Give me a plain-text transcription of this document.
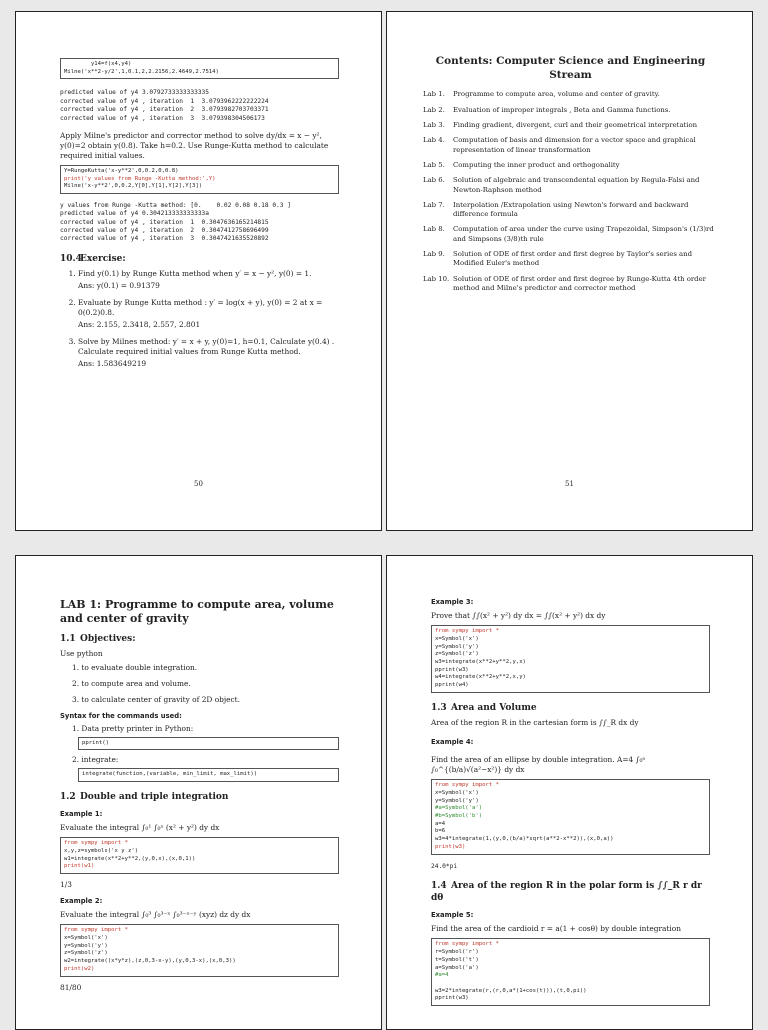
y14=f(x4,y4)
Milne('x**2-y/2',1,0.1,2,2.2156,2.4649,2.7514)
predicted value of y4 3.0792733333333335
corrected value of y4 , iteration  1  3.0793962222222224
corrected value of y4 , iteration  2  3.0793982703703371
corrected value of y4 , iteration  3  3.079398304506173
Apply Milne's predictor and corrector method to solve dy/dx = x − y², y(0)=2 obtain y(0.8). Take h=0.2. Use Runge-Kutta method to calculate required initial values.
Y=RungeKutta('x-y**2',0,0.2,0,0.8)
print('y values from Runge -Kutta method:',Y)
Milne('x-y**2',0,0.2,Y[0],Y[1],Y[2],Y[3])
y values from Runge -Kutta method: [0.    0.02 0.08 0.18 0.3 ]
predicted value of y4 0.304213333333333a
corrected value of y4 , iteration  1  0.3047636165214815
corrected value of y4 , iteration  2  0.3047412758696499
corrected value of y4 , iteration  3  0.3047421635520892
10.4Exercise:
1. Find y(0.1) by Runge Kutta method when y′ = x − y², y(0) = 1.
Ans: y(0.1) = 0.91379
2. Evaluate by Runge Kutta method : y′ = log(x + y), y(0) = 2 at x = 0(0.2)0.8.
Ans: 2.155, 2.3418, 2.557, 2.801
3. Solve by Milnes method: y′ = x + y, y(0)=1, h=0.1, Calculate y(0.4) . Calculate required initial values from Runge Kutta method.
Ans: 1.583649219
50
Contents: Computer Science and Engineering Stream
Lab 1.	Programme to compute area, volume and center of gravity.
Lab 2.	Evaluation of improper integrals , Beta and Gamma functions.
Lab 3.	Finding gradient, divergent, curl and their geometrical interpretation
Lab 4.	Computation of basis and dimension for a vector space and graphical representation of linear transformation
Lab 5.	Computing the inner product and orthogonality
Lab 6.	Solution of algebraic and transcendental equation by Regula-Falsi and Newton-Raphson method
Lab 7.	Interpolation /Extrapolation using Newton's forward and backward difference formula
Lab 8.	Computation of area under the curve using Trapezoidal, Simpson's (1/3)rd and Simpsons (3/8)th rule
Lab 9.	Solution of ODE of first order and first degree by Taylor's series and Modified Euler's method
Lab 10. Solution of ODE of first order and first degree by Runge-Kutta 4th order method and Milne's predictor and corrector method
51
LAB 1: Programme to compute area, volume and center of gravity
1.1 Objectives:
Use python
1. to evaluate double integration.
2. to compute area and volume.
3. to calculate center of gravity of 2D object.
Syntax for the commands used:
1. Data pretty printer in Python:
pprint()
2. integrate:
integrate(function,(variable, min_limit, max_limit))
1.2 Double and triple integration
Example 1:
Evaluate the integral ∫₀¹ ∫₀ˣ (x² + y²) dy dx
from sympy import *
x,y,z=symbols('x y z')
w1=integrate(x**2+y**2,(y,0,x),(x,0,1))
print(w1)
1/3
Example 2:
Evaluate the integral ∫₀³ ∫₀³⁻ˣ ∫₀³⁻ˣ⁻ʸ (xyz) dz dy dx
from sympy import *
x=Symbol('x')
y=Symbol('y')
z=Symbol('z')
w2=integrate((x*y*z),(z,0,3-x-y),(y,0,3-x),(x,0,3))
print(w2)
81/80
Example 3:
Prove that ∫∫(x² + y²) dy dx = ∫∫(x² + y²) dx dy
from sympy import *
x=Symbol('x')
y=Symbol('y')
z=Symbol('z')
w3=integrate(x**2+y**2,y,x)
pprint(w3)
w4=integrate(x**2+y**2,x,y)
pprint(w4)
1.3 Area and Volume
Area of the region R in the cartesian form is ∫∫_R dx dy
Example 4:
Find the area of an ellipse by double integration. A=4 ∫₀ᵃ ∫₀^{(b/a)√(a²−x²)} dy dx
from sympy import *
x=Symbol('x')
y=Symbol('y')
#a=Symbol('a')
#b=Symbol('b')
a=4
b=6
w3=4*integrate(1,(y,0,(b/a)*sqrt(a**2-x**2)),(x,0,a))
print(w3)
24.0*pi
1.4 Area of the region R in the polar form is ∫∫_R r dr dθ
Example 5:
Find the area of the cardioid r = a(1 + cosθ) by double integration
from sympy import *
r=Symbol('r')
t=Symbol('t')
a=Symbol('a')
#a=4

w3=2*integrate(r,(r,0,a*(1+cos(t))),(t,0,pi))
pprint(w3)
